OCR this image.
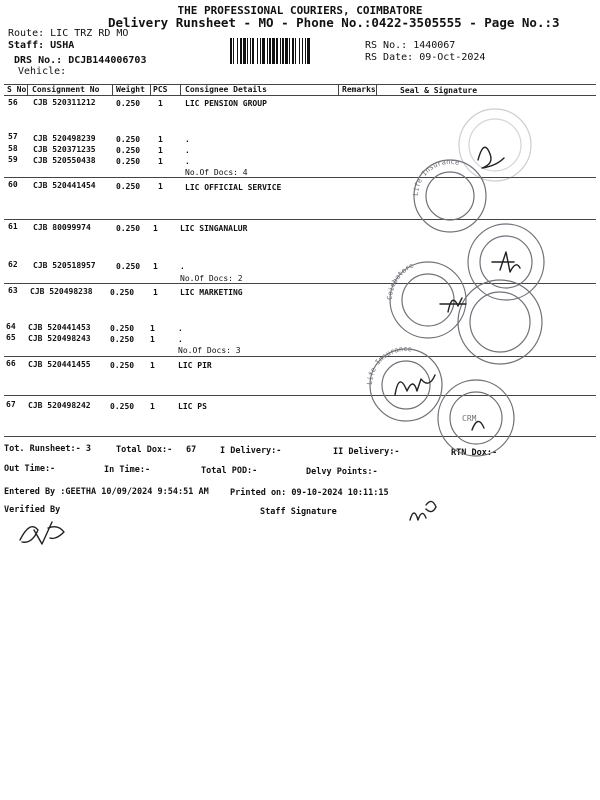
THE PROFESSIONAL COURIERS, COIMBATORE
Delivery Runsheet - MO - Phone No.:0422-3505555 - Page No.:3
Route: LIC TRZ RD MO
Staff: USHA
DRS No.: DCJB144006703
Vehicle:
RS No.: 1440067
RS Date: 09-Oct-2024
S No Consignment No Weight PCS Consignee Details	Remarks	Seal & Signature
56 CJB 520311212	0.250 1	LIC PENSION GROUP
57 CJB 520498239	0.250 1	.
58 CJB 520371235	0.250 1	.
59 CJB 520550438	0.250 1	.
No.Of Docs: 4
60 CJB 520441454	0.250 1	LIC OFFICIAL SERVICE
61 CJB 80099974	0.250 1	LIC SINGANALUR
62 CJB 520518957	0.250 1	.
No.Of Docs: 2
63 CJB 520498238 0.250 1	LIC MARKETING
64 CJB 520441453 0.250 1	.
65 CJB 520498243 0.250 1	.
No.Of Docs: 3
66 CJB 520441455 0.250 1	LIC PIR
67 CJB 520498242 0.250 1	LIC PS
Tot. Runsheet:- 3	Total Dox:- 67	I Delivery:-	II Delivery:-	RTN Dox:-
Out Time:-	In Time:-	Total POD:-	Delvy Points:-
Entered By :GEETHA 10/09/2024 9:54:51 AM	Printed on: 09-10-2024 10:11:15
Verified By	Staff Signature
Life Insurance
Coimbatore
Life Insurance
CRM
